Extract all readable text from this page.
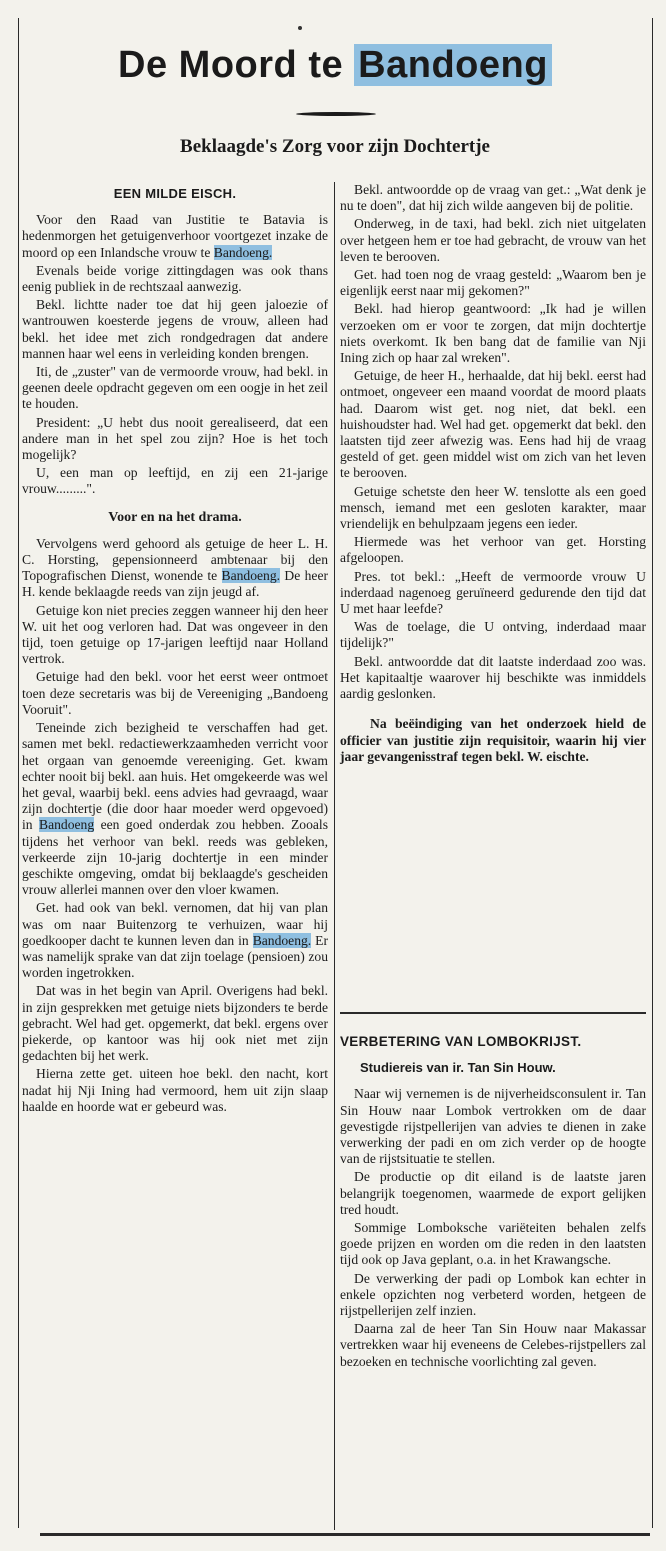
De Moord te Bandoeng
Beklaagde's Zorg voor zijn Dochtertje
EEN MILDE EISCH.

Voor den Raad van Justitie te Batavia is hedenmorgen het getuigenverhoor voortgezet inzake de moord op een Inlandsche vrouw te Bandoeng.

Evenals beide vorige zittingdagen was ook thans eenig publiek in de rechtszaal aanwezig.

Bekl. lichtte nader toe dat hij geen jaloezie of wantrouwen koesterde jegens de vrouw, alleen had bekl. het idee met zich rondgedragen dat andere mannen haar wel eens in verleiding konden brengen.

Iti, de „zuster" van de vermoorde vrouw, had bekl. in geenen deele opdracht gegeven om een oogje in het zeil te houden.

President: „U hebt dus nooit gerealiseerd, dat een andere man in het spel zou zijn? Hoe is het toch mogelijk?

U, een man op leeftijd, en zij een 21-jarige vrouw.........".

Voor en na het drama.

Vervolgens werd gehoord als getuige de heer L. H. C. Horsting, gepensionneerd ambtenaar bij den Topografischen Dienst, wonende te Bandoeng. De heer H. kende beklaagde reeds van zijn jeugd af.

Getuige kon niet precies zeggen wanneer hij den heer W. uit het oog verloren had. Dat was ongeveer in den tijd, toen getuige op 17-jarigen leeftijd naar Holland vertrok.

Getuige had den bekl. voor het eerst weer ontmoet toen deze secretaris was bij de Vereeniging „Bandoeng Vooruit".

Teneinde zich bezigheid te verschaffen had get. samen met bekl. redactiewerkzaamheden verricht voor het orgaan van genoemde vereeniging. Get. kwam echter nooit bij bekl. aan huis. Het omgekeerde was wel het geval, waarbij bekl. eens advies had gevraagd, waar zijn dochtertje (die door haar moeder werd opgevoed) in Bandoeng een goed onderdak zou hebben. Zooals tijdens het verhoor van bekl. reeds was gebleken, verkeerde zijn 10-jarig dochtertje in een minder geschikte omgeving, omdat bij beklaagde's gescheiden vrouw allerlei mannen over den vloer kwamen.

Get. had ook van bekl. vernomen, dat hij van plan was om naar Buitenzorg te verhuizen, waar hij goedkooper dacht te kunnen leven dan in Bandoeng. Er was namelijk sprake van dat zijn toelage (pensioen) zou worden ingetrokken.

Dat was in het begin van April. Overigens had bekl. in zijn gesprekken met getuige niets bijzonders te berde gebracht. Wel had get. opgemerkt, dat bekl. ergens over piekerde, op kantoor was hij ook niet met zijn gedachten bij het werk.

Hierna zette get. uiteen hoe bekl. den nacht, kort nadat hij Nji Ining had vermoord, hem uit zijn slaap haalde en hoorde wat er gebeurd was.

Bekl. antwoordde op de vraag van get.: „Wat denk je nu te doen", dat hij zich wilde aangeven bij de politie.

Onderweg, in de taxi, had bekl. zich niet uitgelaten over hetgeen hem er toe had gebracht, de vrouw van het leven te berooven.

Get. had toen nog de vraag gesteld: „Waarom ben je eigenlijk eerst naar mij gekomen?"

Bekl. had hierop geantwoord: „Ik had je willen verzoeken om er voor te zorgen, dat mijn dochtertje niets overkomt. Ik ben bang dat de familie van Nji Ining zich op haar zal wreken".

Getuige, de heer H., herhaalde, dat hij bekl. eerst had ontmoet, ongeveer een maand voordat de moord plaats had. Daarom wist get. nog niet, dat bekl. een huishoudster had. Wel had get. opgemerkt dat bekl. den laatsten tijd zeer afwezig was. Eens had hij de vraag gesteld of get. geen middel wist om zich van het leven te berooven.

Getuige schetste den heer W. tenslotte als een goed mensch, iemand met een gesloten karakter, maar vriendelijk en behulpzaam jegens een ieder.

Hiermede was het verhoor van get. Horsting afgeloopen.

Pres. tot bekl.: „Heeft de vermoorde vrouw U inderdaad nagenoeg geruïneerd gedurende den tijd dat U met haar leefde?

Was de toelage, die U ontving, inderdaad maar tijdelijk?"

Bekl. antwoordde dat dit laatste inderdaad zoo was. Het kapitaaltje waarover hij beschikte was inmiddels aardig geslonken.

Na beëindiging van het onderzoek hield de officier van justitie zijn requisitoir, waarin hij vier jaar gevangenisstraf tegen bekl. W. eischte.

VERBETERING VAN LOMBOKRIJST.
Studiereis van ir. Tan Sin Houw.

Naar wij vernemen is de nijverheidsconsulent ir. Tan Sin Houw naar Lombok vertrokken om de daar gevestigde rijstpellerijen van advies te dienen in zake verwerking der padi en om zich verder op de hoogte van de rijstsituatie te stellen.

De productie op dit eiland is de laatste jaren belangrijk toegenomen, waarmede de export gelijken tred houdt.

Sommige Lomboksche variëteiten behalen zelfs goede prijzen en worden om die reden in den laatsten tijd ook op Java geplant, o.a. in het Krawangsche.

De verwerking der padi op Lombok kan echter in enkele opzichten nog verbeterd worden, hetgeen de rijstpellerijen zelf inzien.

Daarna zal de heer Tan Sin Houw naar Makassar vertrekken waar hij eveneens de Celebes-rijstpellers zal bezoeken en technische voorlichting zal geven.
